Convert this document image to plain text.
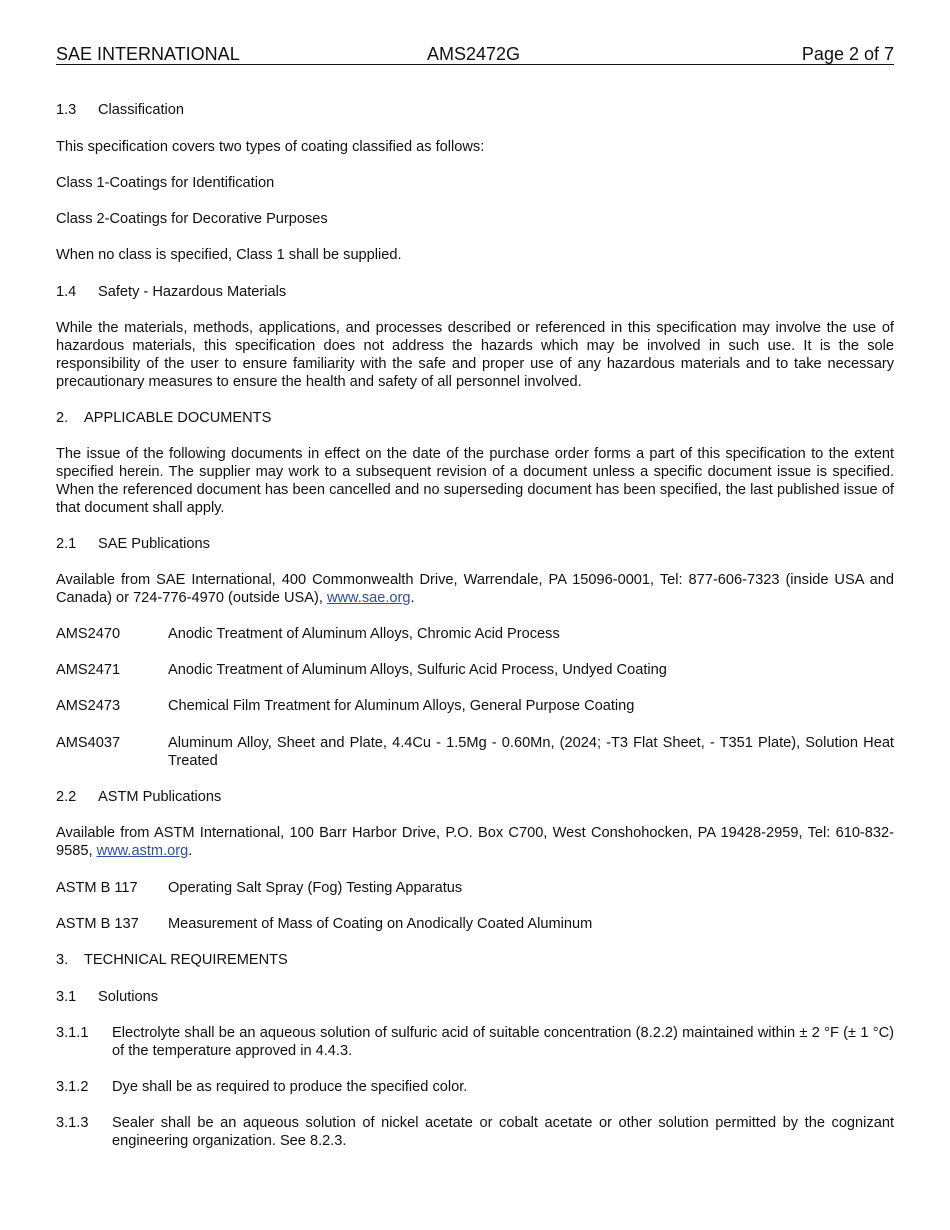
SAE INTERNATIONAL	AMS2472G	Page 2 of 7
1.3 Classification
This specification covers two types of coating classified as follows:
Class 1-Coatings for Identification
Class 2-Coatings for Decorative Purposes
When no class is specified, Class 1 shall be supplied.
1.4 Safety - Hazardous Materials
While the materials, methods, applications, and processes described or referenced in this specification may involve the use of hazardous materials, this specification does not address the hazards which may be involved in such use. It is the sole responsibility of the user to ensure familiarity with the safe and proper use of any hazardous materials and to take necessary precautionary measures to ensure the health and safety of all personnel involved.
2. APPLICABLE DOCUMENTS
The issue of the following documents in effect on the date of the purchase order forms a part of this specification to the extent specified herein. The supplier may work to a subsequent revision of a document unless a specific document issue is specified. When the referenced document has been cancelled and no superseding document has been specified, the last published issue of that document shall apply.
2.1 SAE Publications
Available from SAE International, 400 Commonwealth Drive, Warrendale, PA 15096-0001, Tel: 877-606-7323 (inside USA and Canada) or 724-776-4970 (outside USA), www.sae.org.
AMS2470	Anodic Treatment of Aluminum Alloys, Chromic Acid Process
AMS2471	Anodic Treatment of Aluminum Alloys, Sulfuric Acid Process, Undyed Coating
AMS2473	Chemical Film Treatment for Aluminum Alloys, General Purpose Coating
AMS4037	Aluminum Alloy, Sheet and Plate, 4.4Cu - 1.5Mg - 0.60Mn, (2024; -T3 Flat Sheet, - T351 Plate), Solution Heat Treated
2.2 ASTM Publications
Available from ASTM International, 100 Barr Harbor Drive, P.O. Box C700, West Conshohocken, PA 19428-2959, Tel: 610-832-9585, www.astm.org.
ASTM B 117 Operating Salt Spray (Fog) Testing Apparatus
ASTM B 137 Measurement of Mass of Coating on Anodically Coated Aluminum
3. TECHNICAL REQUIREMENTS
3.1 Solutions
3.1.1 Electrolyte shall be an aqueous solution of sulfuric acid of suitable concentration (8.2.2) maintained within ± 2 °F (± 1 °C) of the temperature approved in 4.4.3.
3.1.2 Dye shall be as required to produce the specified color.
3.1.3 Sealer shall be an aqueous solution of nickel acetate or cobalt acetate or other solution permitted by the cognizant engineering organization. See 8.2.3.
